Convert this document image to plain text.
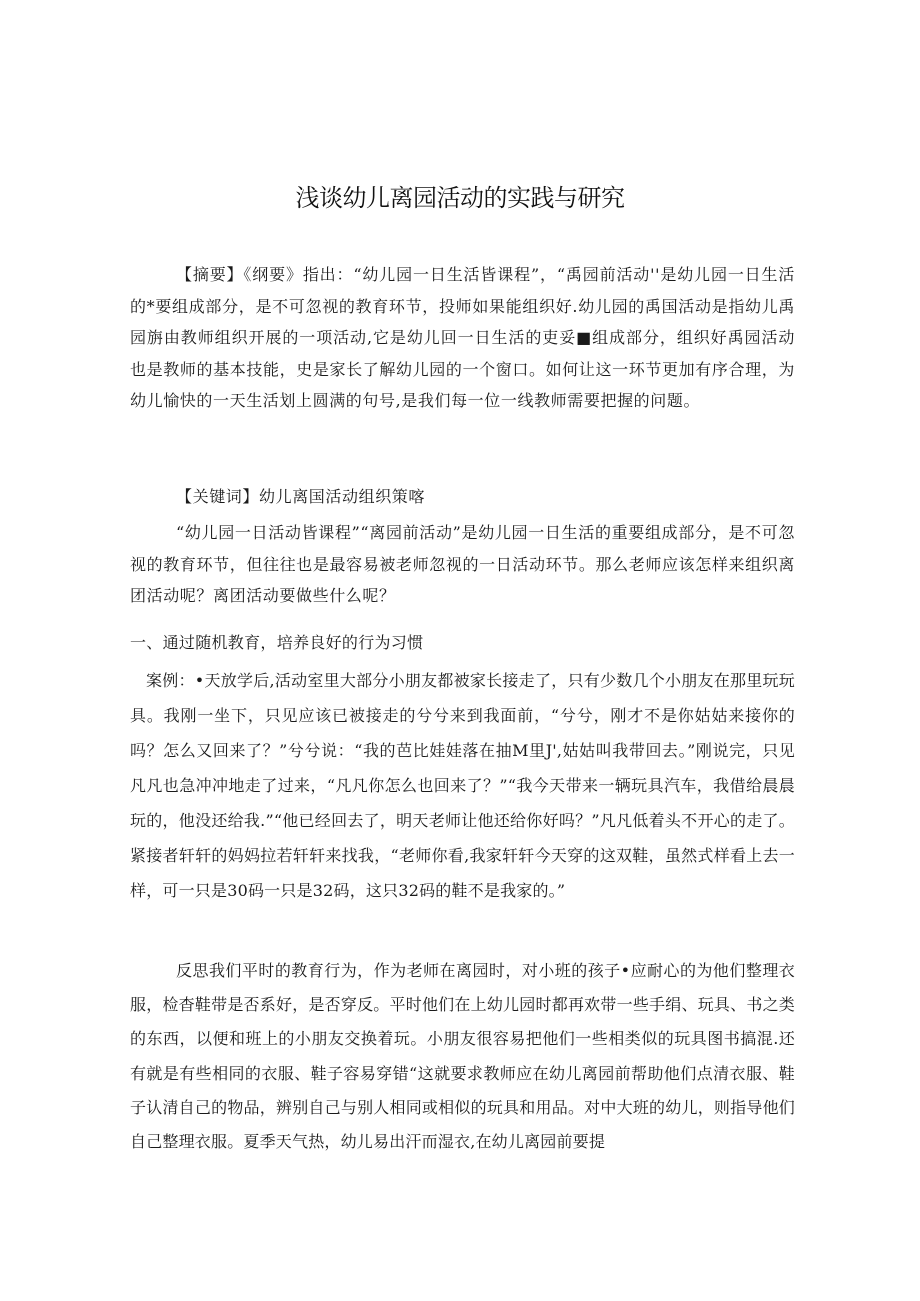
浅谈幼儿离园活动的实践与研究

【摘要】《纲要》指出：“幼儿园一日生活皆课程”，“禹园前活动''是幼儿园一日生活的*要组成部分，是不可忽视的教育环节，投师如果能组织好.幼儿园的禹国活动是指幼儿禹园旃由教师组织开展的一项活动,它是幼儿回一日生活的吏妥■组成部分，组织好禹园活动也是教师的基本技能，史是家长了解幼儿园的一个窗口。如何让这一环节更加有序合理，为幼儿愉快的一天生活划上圆满的句号,是我们每一位一线教师需要把握的问题。

【关键词】幼儿离国活动组织策喀

“幼儿园一日活动皆课程”“离园前活动”是幼儿园一日生活的重要组成部分，是不可忽视的教育环节，但往往也是最容易被老师忽视的一日活动环节。那么老师应该怎样来组织离团活动呢？离团活动要做些什么呢？

一、通过随机教育，培养良好的行为习惯

案例：•天放学后,活动室里大部分小朋友都被家长接走了，只有少数几个小朋友在那里玩玩具。我刚一坐下，只见应该已被接走的兮兮来到我面前，“兮兮，刚才不是你姑姑来接你的吗？怎么又回来了？”兮兮说：“我的芭比娃娃落在抽M里J',姑姑叫我带回去。”刚说完，只见凡凡也急冲冲地走了过来，“凡凡你怎么也回来了？”“我今天带来一辆玩具汽车，我借给晨晨玩的，他没还给我.”“他已经回去了，明天老师让他还给你好吗？”凡凡低着头不开心的走了。紧接者轩轩的妈妈拉若轩轩来找我，“老师你看,我家轩轩今天穿的这双鞋，虽然式样看上去一样，可一只是30码一只是32码，这只32码的鞋不是我家的。”

反思我们平时的教育行为，作为老师在离园时，对小班的孩子•应耐心的为他们整理衣服，检杳鞋带是否系好，是否穿反。平时他们在上幼儿园时都再欢带一些手绢、玩具、书之类的东西，以便和班上的小朋友交换着玩。小朋友很容易把他们一些相类似的玩具图书搞混.还有就是有些相同的衣服、鞋子容易穿错“这就要求教师应在幼儿离园前帮助他们点清衣服、鞋子认清自己的物品，辨别自己与别人相同或相似的玩具和用品。对中大班的幼儿，则指导他们自己整理衣服。夏季天气热，幼儿易出汗而湿衣,在幼儿离园前要提
